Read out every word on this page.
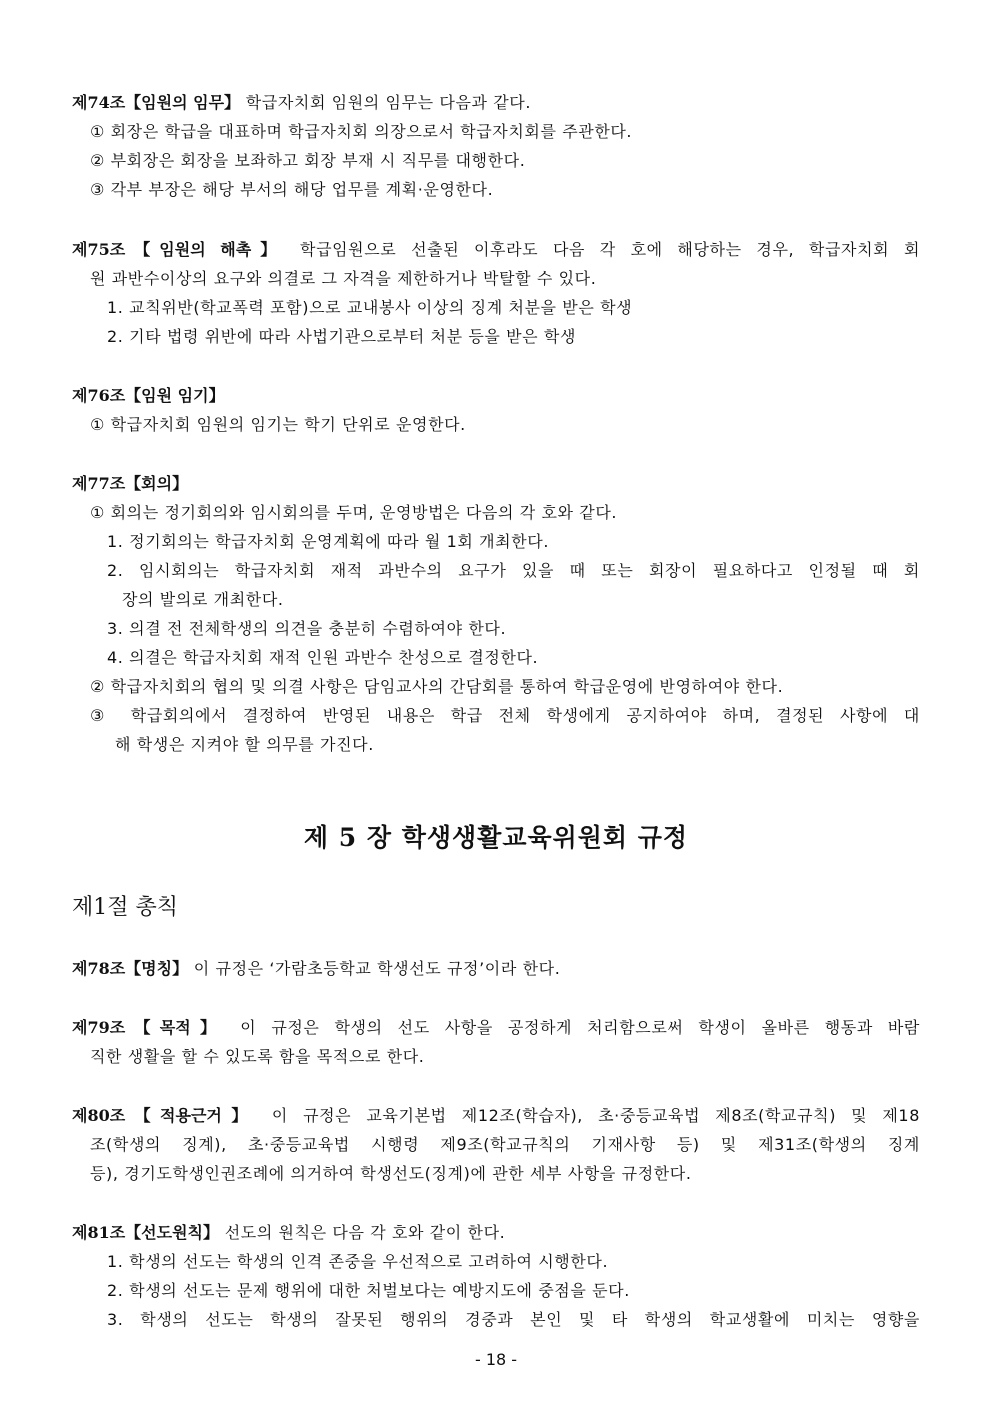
제74조【임원의 임무】 학급자치회 임원의 임무는 다음과 같다.
① 회장은 학급을 대표하며 학급자치회 의장으로서 학급자치회를 주관한다.
② 부회장은 회장을 보좌하고 회장 부재 시 직무를 대행한다.
③ 각부 부장은 해당 부서의 해당 업무를 계획·운영한다.
제75조【임원의 해촉】 학급임원으로 선출된 이후라도 다음 각 호에 해당하는 경우, 학급자치회 회
원 과반수이상의 요구와 의결로 그 자격을 제한하거나 박탈할 수 있다.
1. 교칙위반(학교폭력 포함)으로 교내봉사 이상의 징계 처분을 받은 학생
2. 기타 법령 위반에 따라 사법기관으로부터 처분 등을 받은 학생
제76조【임원 임기】
① 학급자치회 임원의 임기는 학기 단위로 운영한다.
제77조【회의】
① 회의는 정기회의와 임시회의를 두며, 운영방법은 다음의 각 호와 같다.
1. 정기회의는 학급자치회 운영계획에 따라 월 1회 개최한다.
2. 임시회의는 학급자치회 재적 과반수의 요구가 있을 때 또는 회장이 필요하다고 인정될 때 회
장의 발의로 개최한다.
3. 의결 전 전체학생의 의견을 충분히 수렴하여야 한다.
4. 의결은 학급자치회 재적 인원 과반수 찬성으로 결정한다.
② 학급자치회의 협의 및 의결 사항은 담임교사의 간담회를 통하여 학급운영에 반영하여야 한다.
③ 학급회의에서 결정하여 반영된 내용은 학급 전체 학생에게 공지하여야 하며, 결정된 사항에 대
해 학생은 지켜야 할 의무를 가진다.
제 5 장 학생생활교육위원회 규정
제1절 총칙
제78조【명칭】 이 규정은 ‘가람초등학교 학생선도 규정’이라 한다.
제79조【목적】 이 규정은 학생의 선도 사항을 공정하게 처리함으로써 학생이 올바른 행동과 바람
직한 생활을 할 수 있도록 함을 목적으로 한다.
제80조【적용근거】 이 규정은 교육기본법 제12조(학습자), 초·중등교육법 제8조(학교규칙) 및 제18
조(학생의 징계), 초·중등교육법 시행령 제9조(학교규칙의 기재사항 등) 및 제31조(학생의 징계
등), 경기도학생인권조례에 의거하여 학생선도(징계)에 관한 세부 사항을 규정한다.
제81조【선도원칙】 선도의 원칙은 다음 각 호와 같이 한다.
1. 학생의 선도는 학생의 인격 존중을 우선적으로 고려하여 시행한다.
2. 학생의 선도는 문제 행위에 대한 처벌보다는 예방지도에 중점을 둔다.
3. 학생의 선도는 학생의 잘못된 행위의 경중과 본인 및 타 학생의 학교생활에 미치는 영향을
- 18 -
